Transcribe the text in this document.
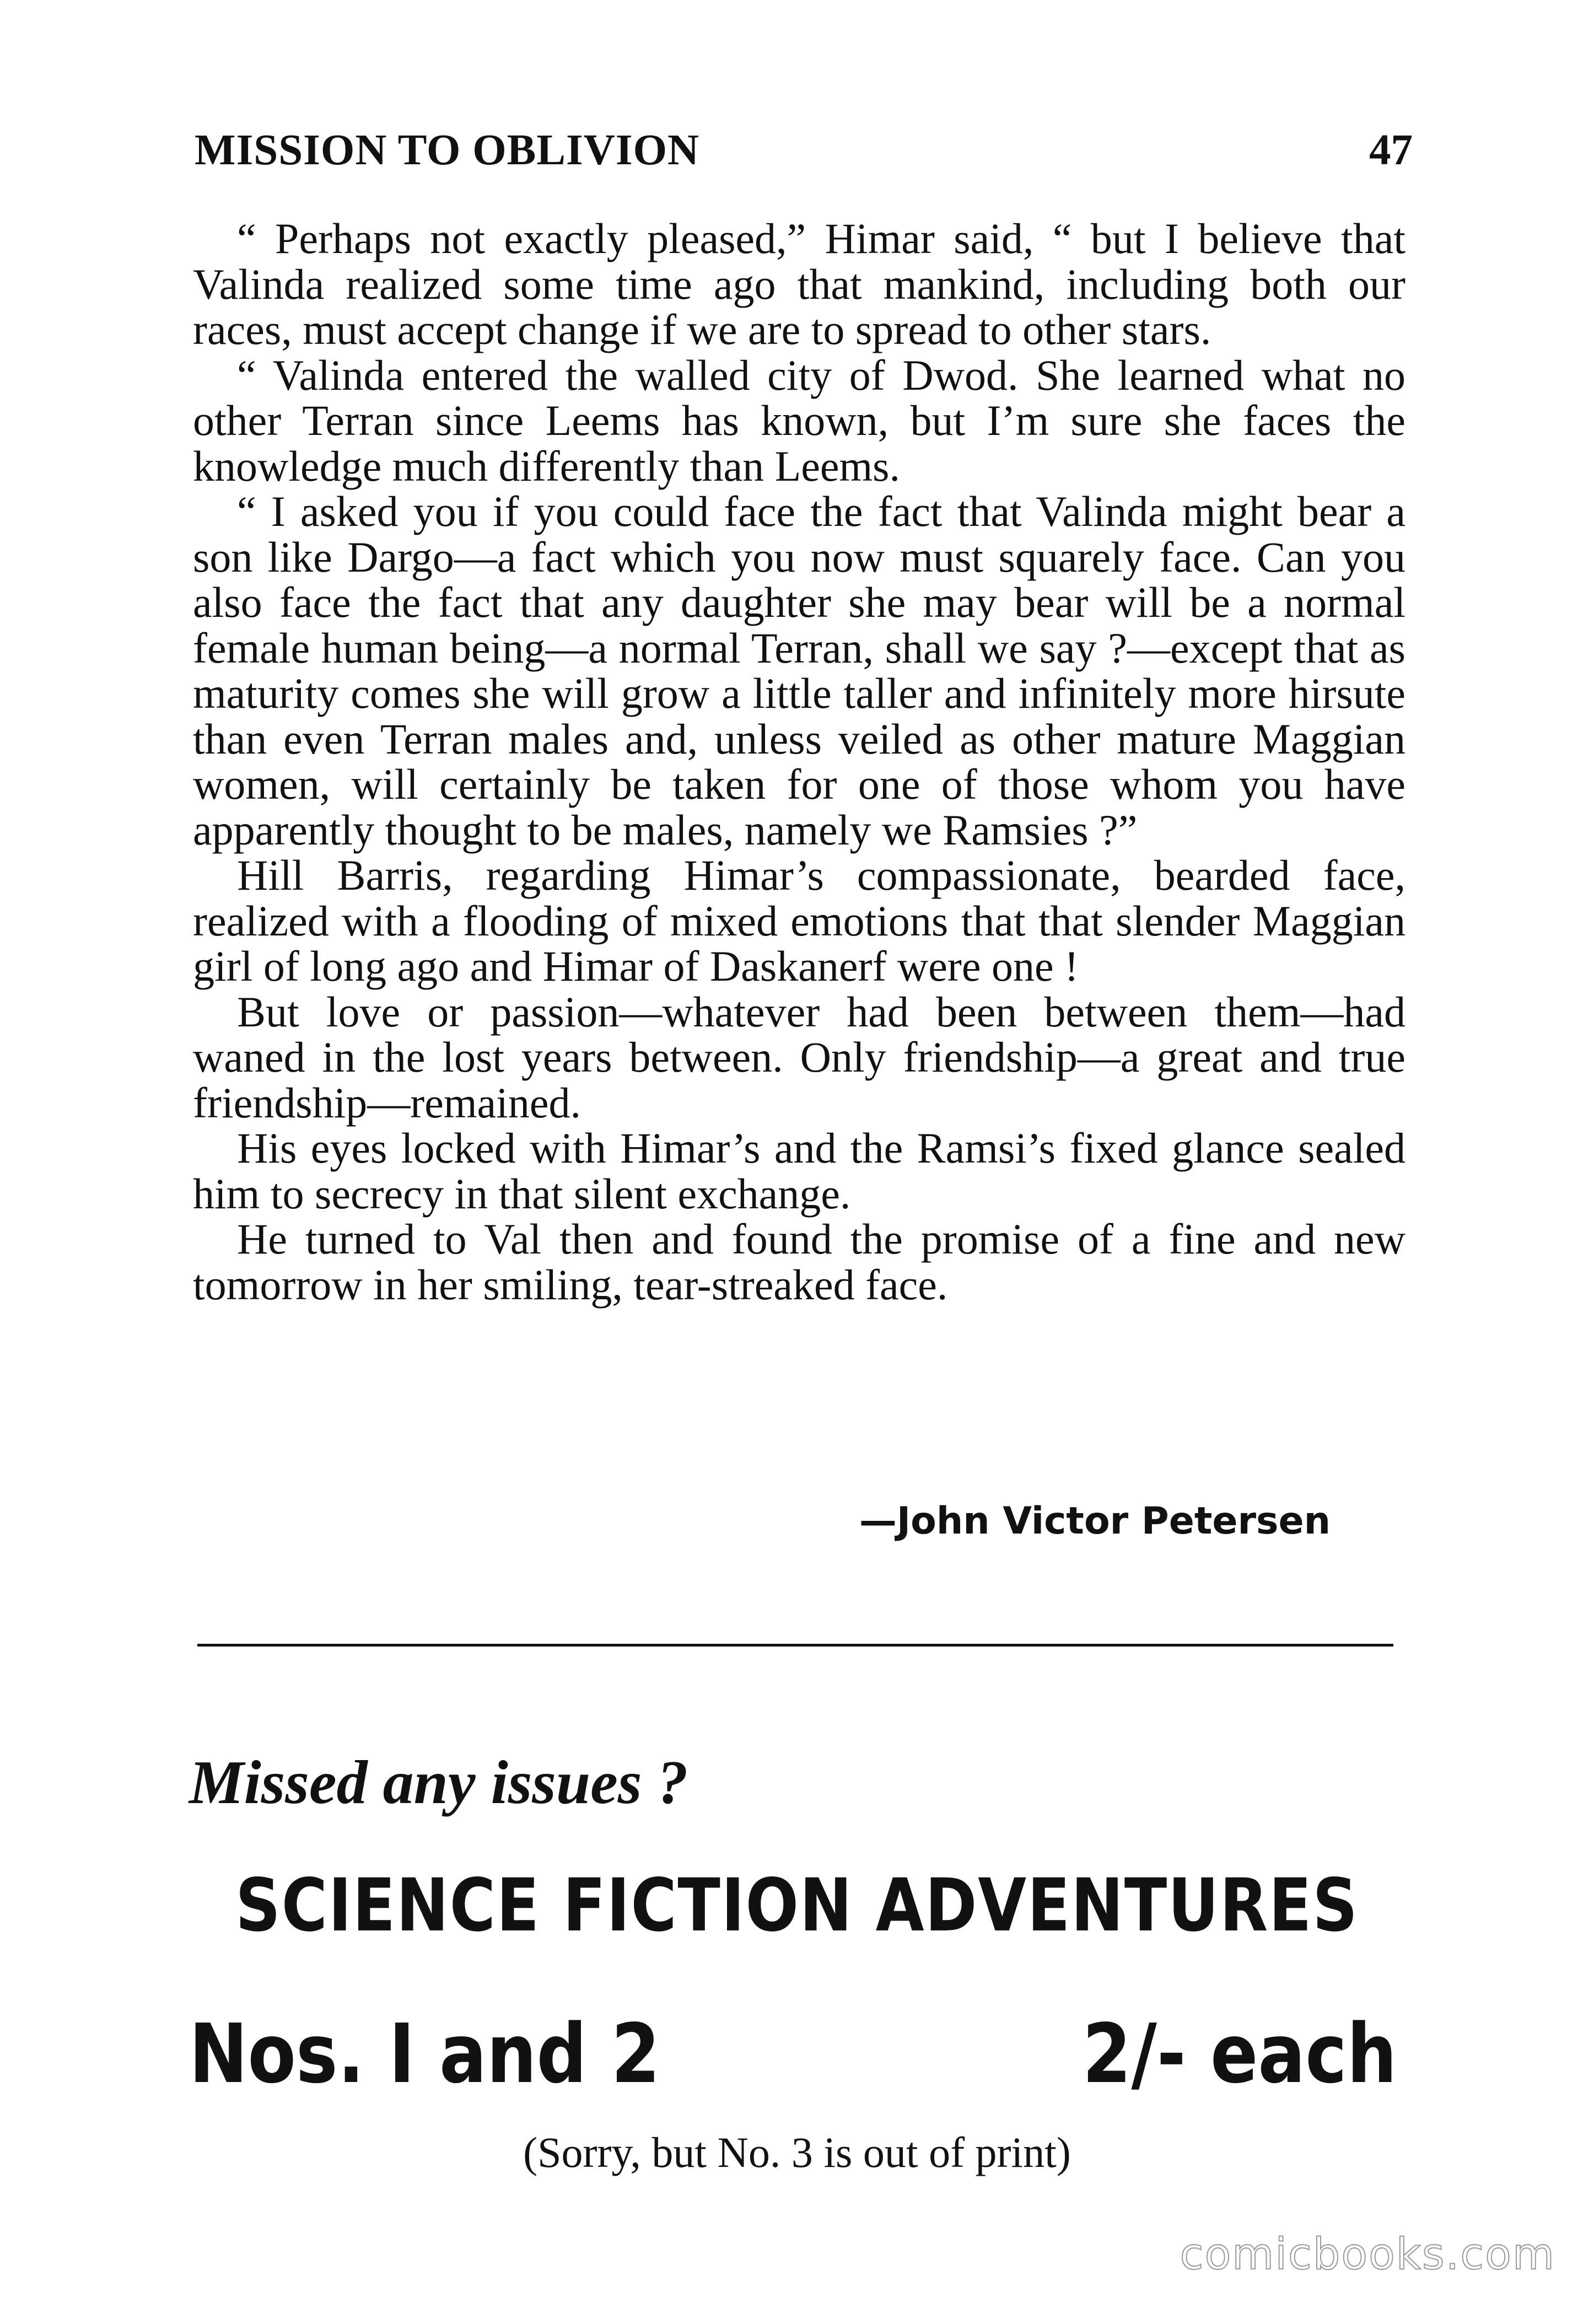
MISSION TO OBLIVION	47

“ Perhaps not exactly pleased,” Himar said, “ but I believe that Valinda realized some time ago that mankind, including both our races, must accept change if we are to spread to other stars.

“ Valinda entered the walled city of Dwod. She learned what no other Terran since Leems has known, but I’m sure she faces the knowledge much differently than Leems.

“ I asked you if you could face the fact that Valinda might bear a son like Dargo—a fact which you now must squarely face. Can you also face the fact that any daughter she may bear will be a normal female human being—a normal Terran, shall we say ?—except that as maturity comes she will grow a little taller and infinitely more hirsute than even Terran males and, unless veiled as other mature Maggian women, will certainly be taken for one of those whom you have apparently thought to be males, namely we Ramsies ?”

Hill Barris, regarding Himar’s compassionate, bearded face, realized with a flooding of mixed emotions that that slender Maggian girl of long ago and Himar of Daskanerf were one !

But love or passion—whatever had been between them—had waned in the lost years between. Only friendship—a great and true friendship—remained.

His eyes locked with Himar’s and the Ramsi’s fixed glance sealed him to secrecy in that silent exchange.

He turned to Val then and found the promise of a fine and new tomorrow in her smiling, tear-streaked face.

—John Victor Petersen
Missed any issues ?
SCIENCE FICTION ADVENTURES
Nos. I and 2	2/- each
(Sorry, but No. 3 is out of print)
comicbooks.com
